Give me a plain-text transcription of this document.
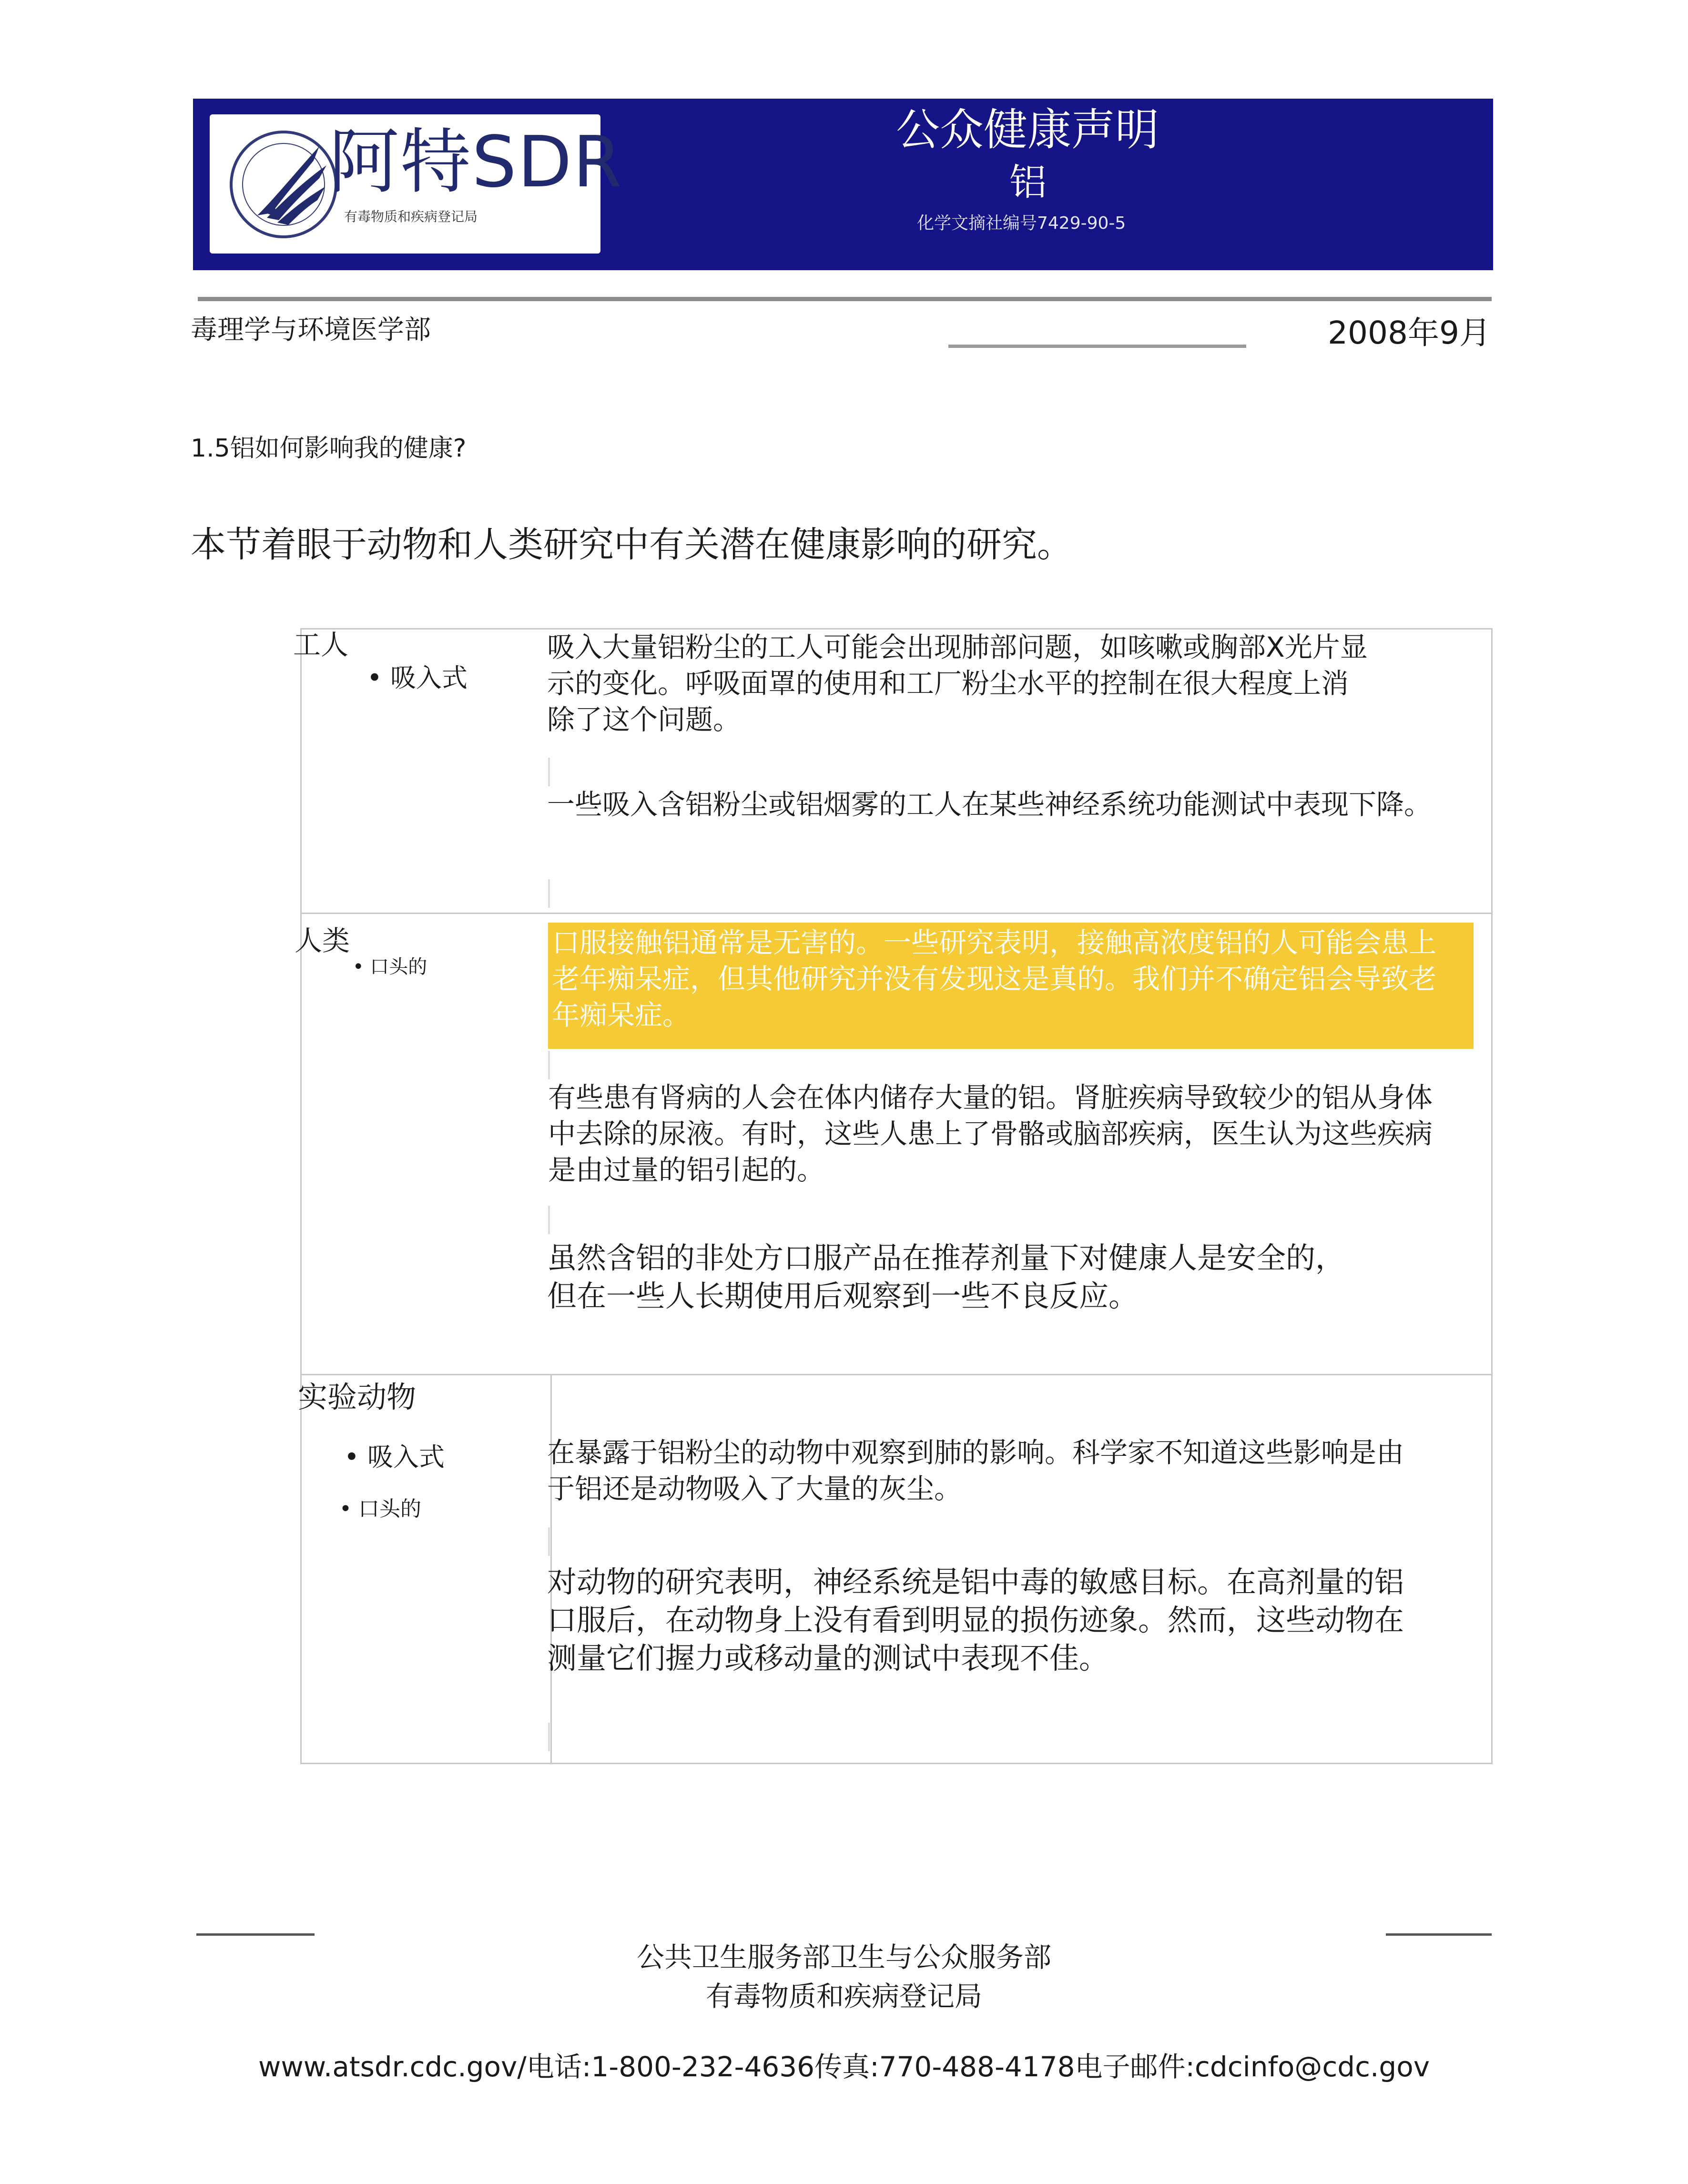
阿特SDR
有毒物质和疾病登记局
公众健康声明
铝
化学文摘社编号7429-90-5
毒理学与环境医学部	2008年9月
1.5铝如何影响我的健康?
本节着眼于动物和人类研究中有关潜在健康影响的研究。
工人
• 吸入式
吸入大量铝粉尘的工人可能会出现肺部问题，如咳嗽或胸部X光片显
示的变化。呼吸面罩的使用和工厂粉尘水平的控制在很大程度上消
除了这个问题。
一些吸入含铝粉尘或铝烟雾的工人在某些神经系统功能测试中表现下降。
人类
• 口头的
口服接触铝通常是无害的。一些研究表明，接触高浓度铝的人可能会患上
老年痴呆症，但其他研究并没有发现这是真的。我们并不确定铝会导致老
年痴呆症。
有些患有肾病的人会在体内储存大量的铝。肾脏疾病导致较少的铝从身体
中去除的尿液。有时，这些人患上了骨骼或脑部疾病，医生认为这些疾病
是由过量的铝引起的。
虽然含铝的非处方口服产品在推荐剂量下对健康人是安全的，
但在一些人长期使用后观察到一些不良反应。
实验动物
• 吸入式
• 口头的
在暴露于铝粉尘的动物中观察到肺的影响。科学家不知道这些影响是由
于铝还是动物吸入了大量的灰尘。
对动物的研究表明，神经系统是铝中毒的敏感目标。在高剂量的铝
口服后，在动物身上没有看到明显的损伤迹象。然而，这些动物在
测量它们握力或移动量的测试中表现不佳。
公共卫生服务部卫生与公众服务部
有毒物质和疾病登记局
www.atsdr.cdc.gov/电话:1-800-232-4636传真:770-488-4178电子邮件:cdcinfo@cdc.gov
